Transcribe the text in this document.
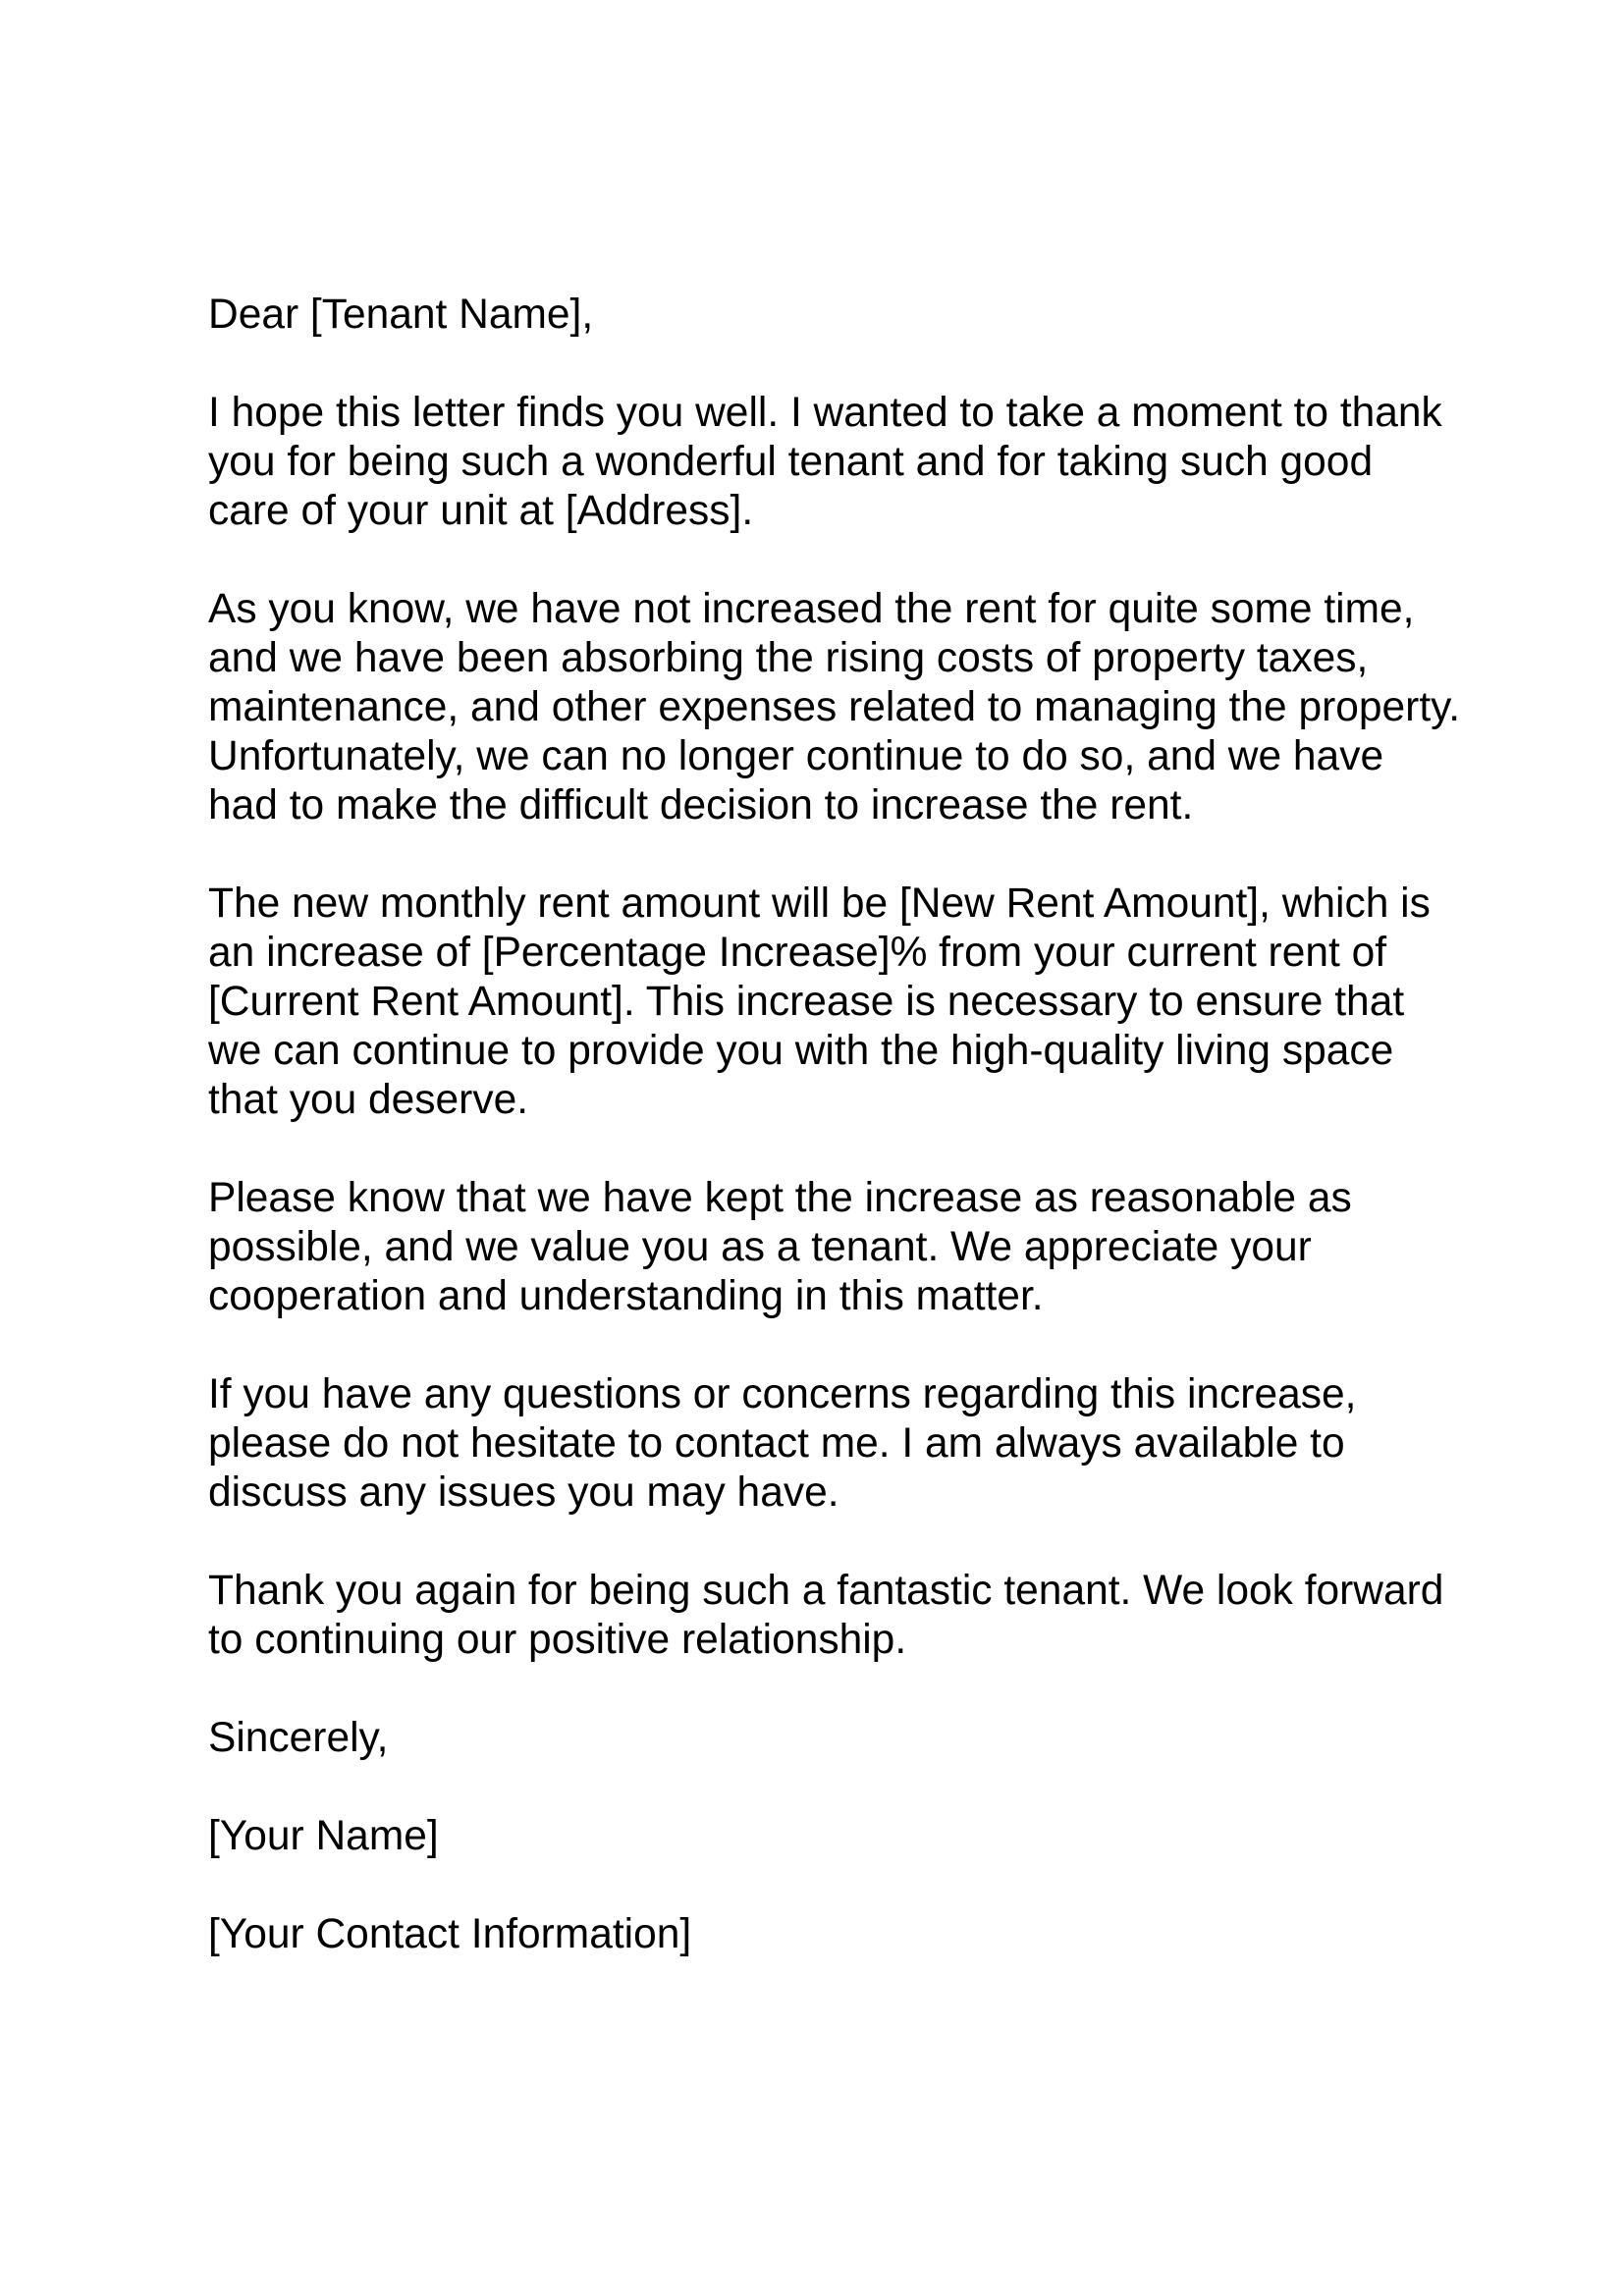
Dear [Tenant Name],

I hope this letter finds you well. I wanted to take a moment to thank
you for being such a wonderful tenant and for taking such good
care of your unit at [Address].

As you know, we have not increased the rent for quite some time,
and we have been absorbing the rising costs of property taxes,
maintenance, and other expenses related to managing the property.
Unfortunately, we can no longer continue to do so, and we have
had to make the difficult decision to increase the rent.

The new monthly rent amount will be [New Rent Amount], which is
an increase of [Percentage Increase]% from your current rent of
[Current Rent Amount]. This increase is necessary to ensure that
we can continue to provide you with the high-quality living space
that you deserve.

Please know that we have kept the increase as reasonable as
possible, and we value you as a tenant. We appreciate your
cooperation and understanding in this matter.

If you have any questions or concerns regarding this increase,
please do not hesitate to contact me. I am always available to
discuss any issues you may have.

Thank you again for being such a fantastic tenant. We look forward
to continuing our positive relationship.

Sincerely,

[Your Name]

[Your Contact Information]
